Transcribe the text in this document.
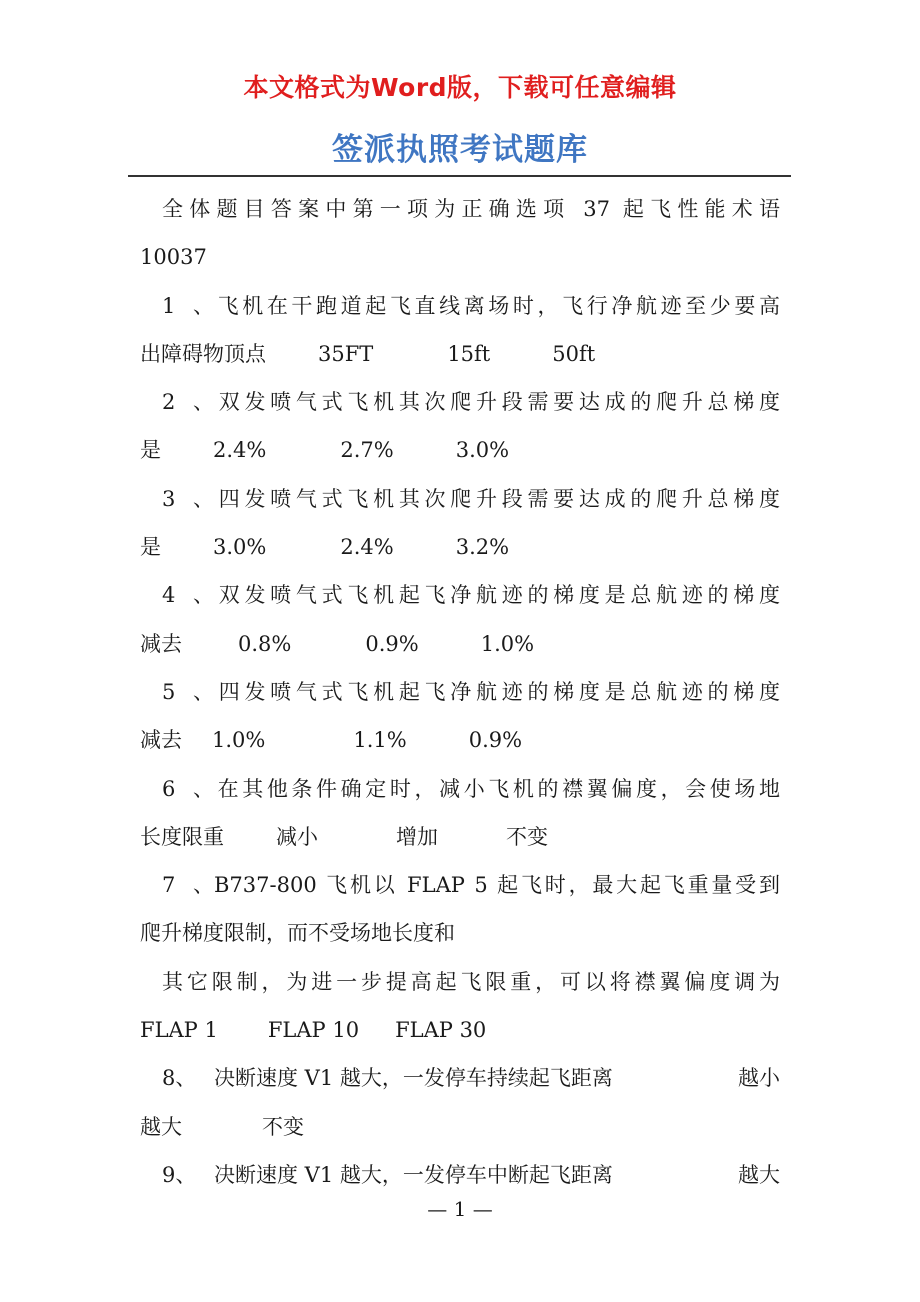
本文格式为Word版，下载可任意编辑
签派执照考试题库
全体题目答案中第一项为正确选项 37 起飞性能术语
10037
1、飞机在干跑道起飞直线离场时，飞行净航迹至少要高
出障碍物顶点 35FT	15ft	50ft
2、双发喷气式飞机其次爬升段需要达成的爬升总梯度
是 2.4%	2.7%	3.0%
3、四发喷气式飞机其次爬升段需要达成的爬升总梯度
是 3.0%	2.4%	3.2%
4、双发喷气式飞机起飞净航迹的梯度是总航迹的梯度
减去	0.8%	0.9%	1.0%
5、四发喷气式飞机起飞净航迹的梯度是总航迹的梯度
减去 1.0%	1.1%	0.9%
6、在其他条件确定时，减小飞机的襟翼偏度，会使场地
长度限重 减小	增加	不变
7、B737-800 飞机以 FLAP 5 起飞时，最大起飞重量受到
爬升梯度限制，而不受场地长度和
其它限制，为进一步提高起飞限重，可以将襟翼偏度调为
FLAP 1 FLAP 10 FLAP 30
8、 决断速度 V1 越大，一发停车持续起飞距离	越小
越大	不变
9、 决断速度 V1 越大，一发停车中断起飞距离	越大
— 1 —
